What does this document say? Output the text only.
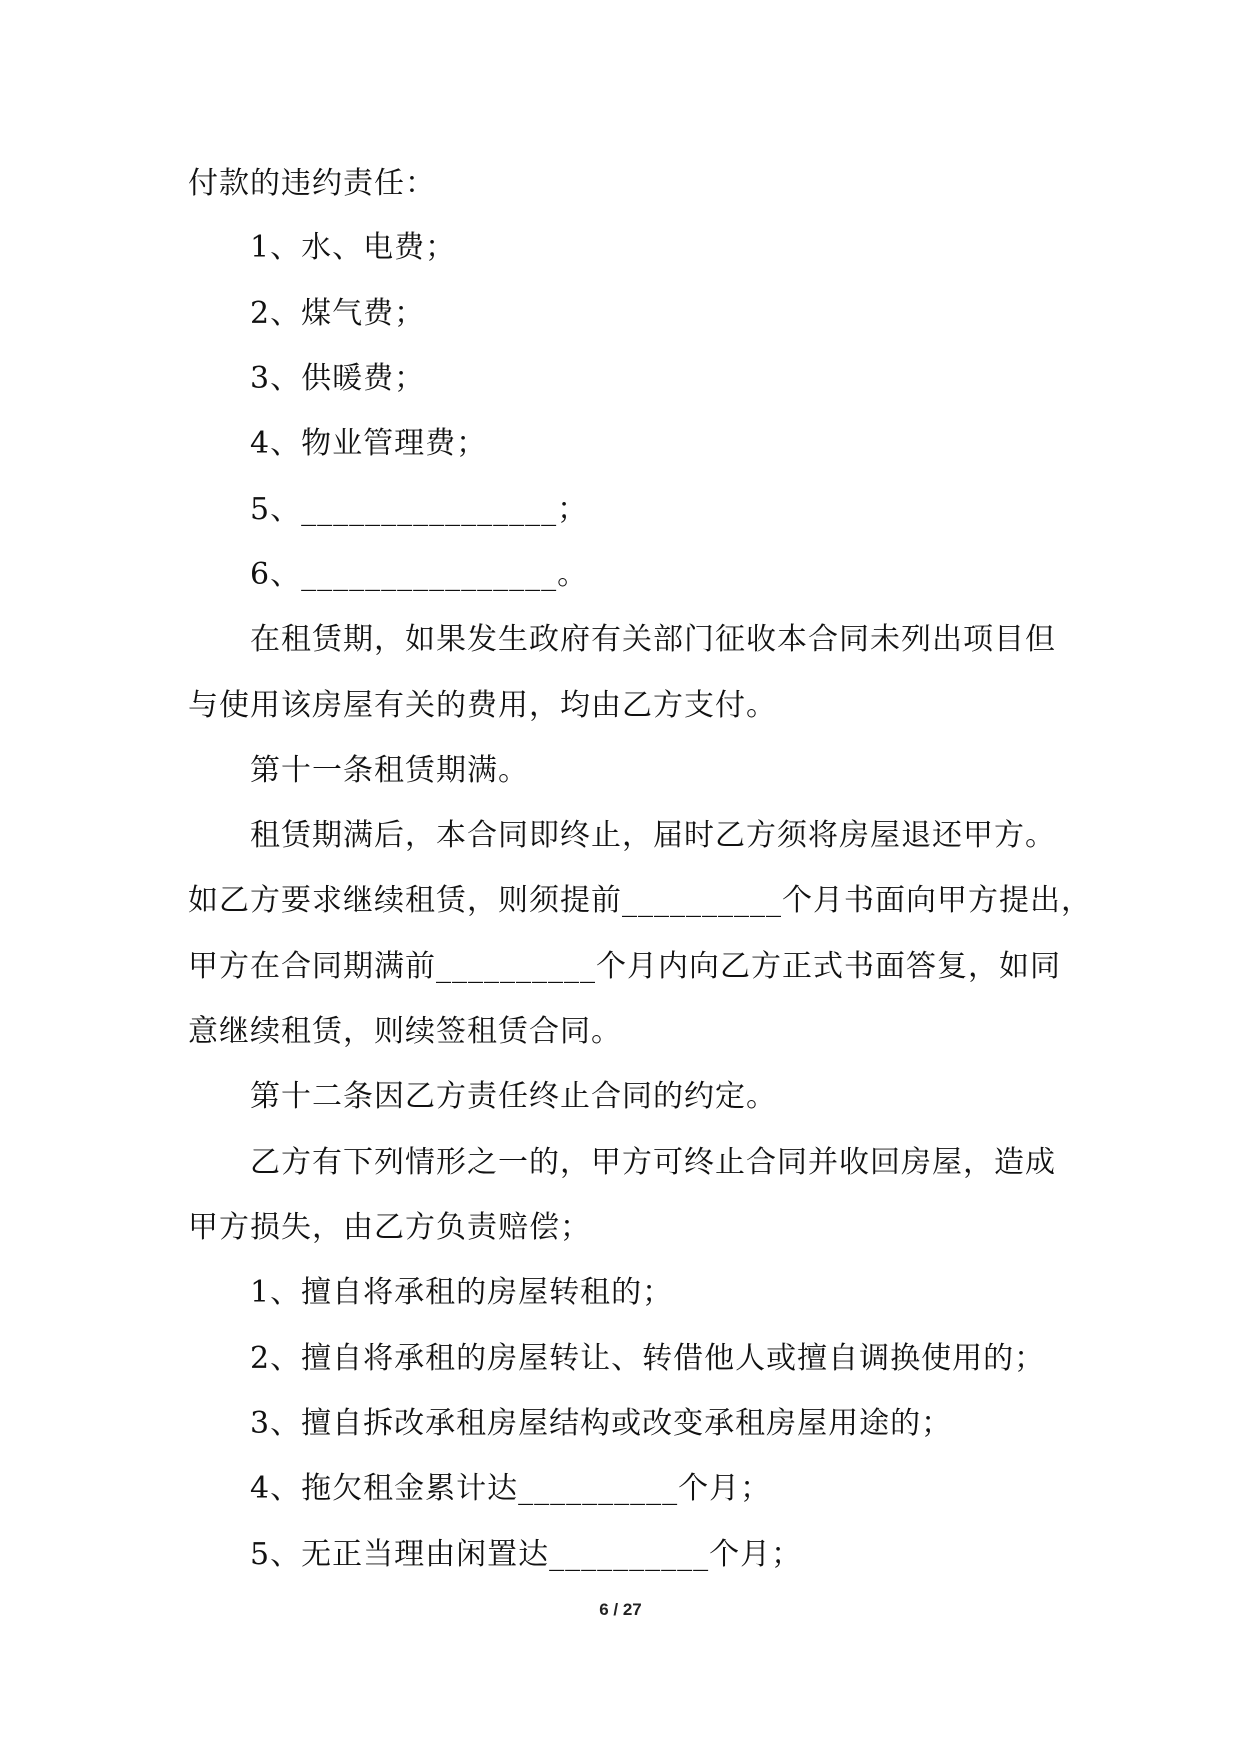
付款的违约责任：
1、水、电费；
2、煤气费；
3、供暖费；
4、物业管理费；
5、________________；
6、________________。
在租赁期，如果发生政府有关部门征收本合同未列出项目但
与使用该房屋有关的费用，均由乙方支付。
第十一条租赁期满。
租赁期满后，本合同即终止，届时乙方须将房屋退还甲方。
如乙方要求继续租赁，则须提前__________个月书面向甲方提出，
甲方在合同期满前__________个月内向乙方正式书面答复，如同
意继续租赁，则续签租赁合同。
第十二条因乙方责任终止合同的约定。
乙方有下列情形之一的，甲方可终止合同并收回房屋，造成
甲方损失，由乙方负责赔偿；
1、擅自将承租的房屋转租的；
2、擅自将承租的房屋转让、转借他人或擅自调换使用的；
3、擅自拆改承租房屋结构或改变承租房屋用途的；
4、拖欠租金累计达__________个月；
5、无正当理由闲置达__________个月；
6 / 27
